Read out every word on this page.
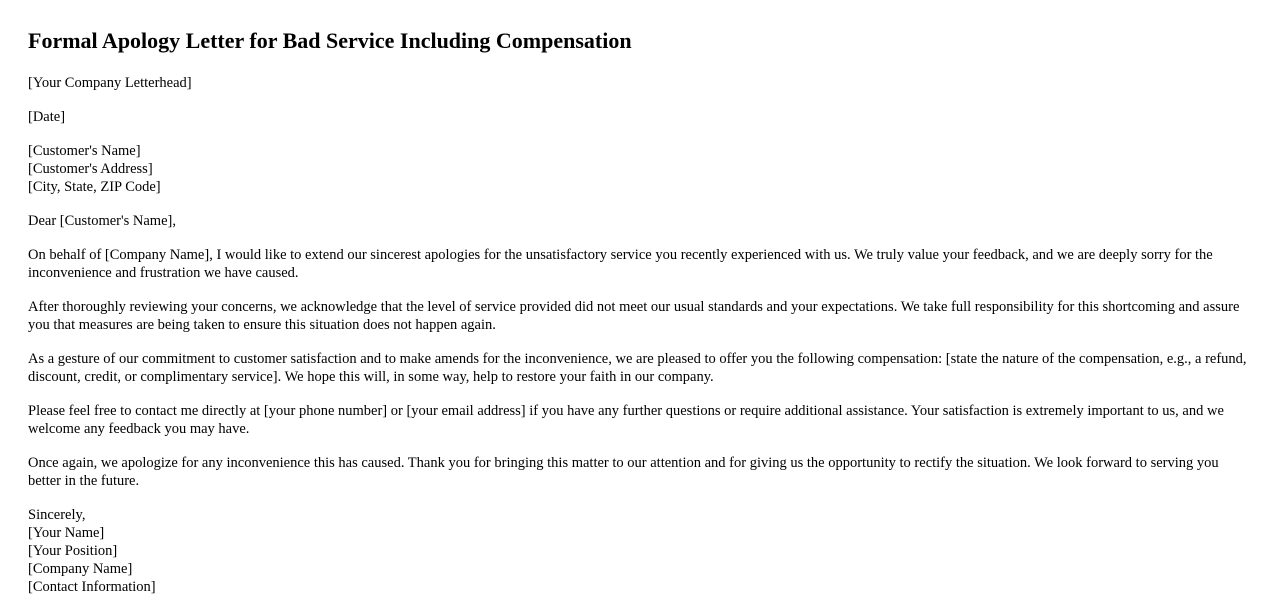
Formal Apology Letter for Bad Service Including Compensation

[Your Company Letterhead]

[Date]

[Customer's Name]
[Customer's Address]
[City, State, ZIP Code]

Dear [Customer's Name],

On behalf of [Company Name], I would like to extend our sincerest apologies for the unsatisfactory service you recently experienced with us. We truly value your feedback, and we are deeply sorry for the inconvenience and frustration we have caused.

After thoroughly reviewing your concerns, we acknowledge that the level of service provided did not meet our usual standards and your expectations. We take full responsibility for this shortcoming and assure you that measures are being taken to ensure this situation does not happen again.

As a gesture of our commitment to customer satisfaction and to make amends for the inconvenience, we are pleased to offer you the following compensation: [state the nature of the compensation, e.g., a refund, discount, credit, or complimentary service]. We hope this will, in some way, help to restore your faith in our company.

Please feel free to contact me directly at [your phone number] or [your email address] if you have any further questions or require additional assistance. Your satisfaction is extremely important to us, and we welcome any feedback you may have.

Once again, we apologize for any inconvenience this has caused. Thank you for bringing this matter to our attention and for giving us the opportunity to rectify the situation. We look forward to serving you better in the future.

Sincerely,
[Your Name]
[Your Position]
[Company Name]
[Contact Information]
